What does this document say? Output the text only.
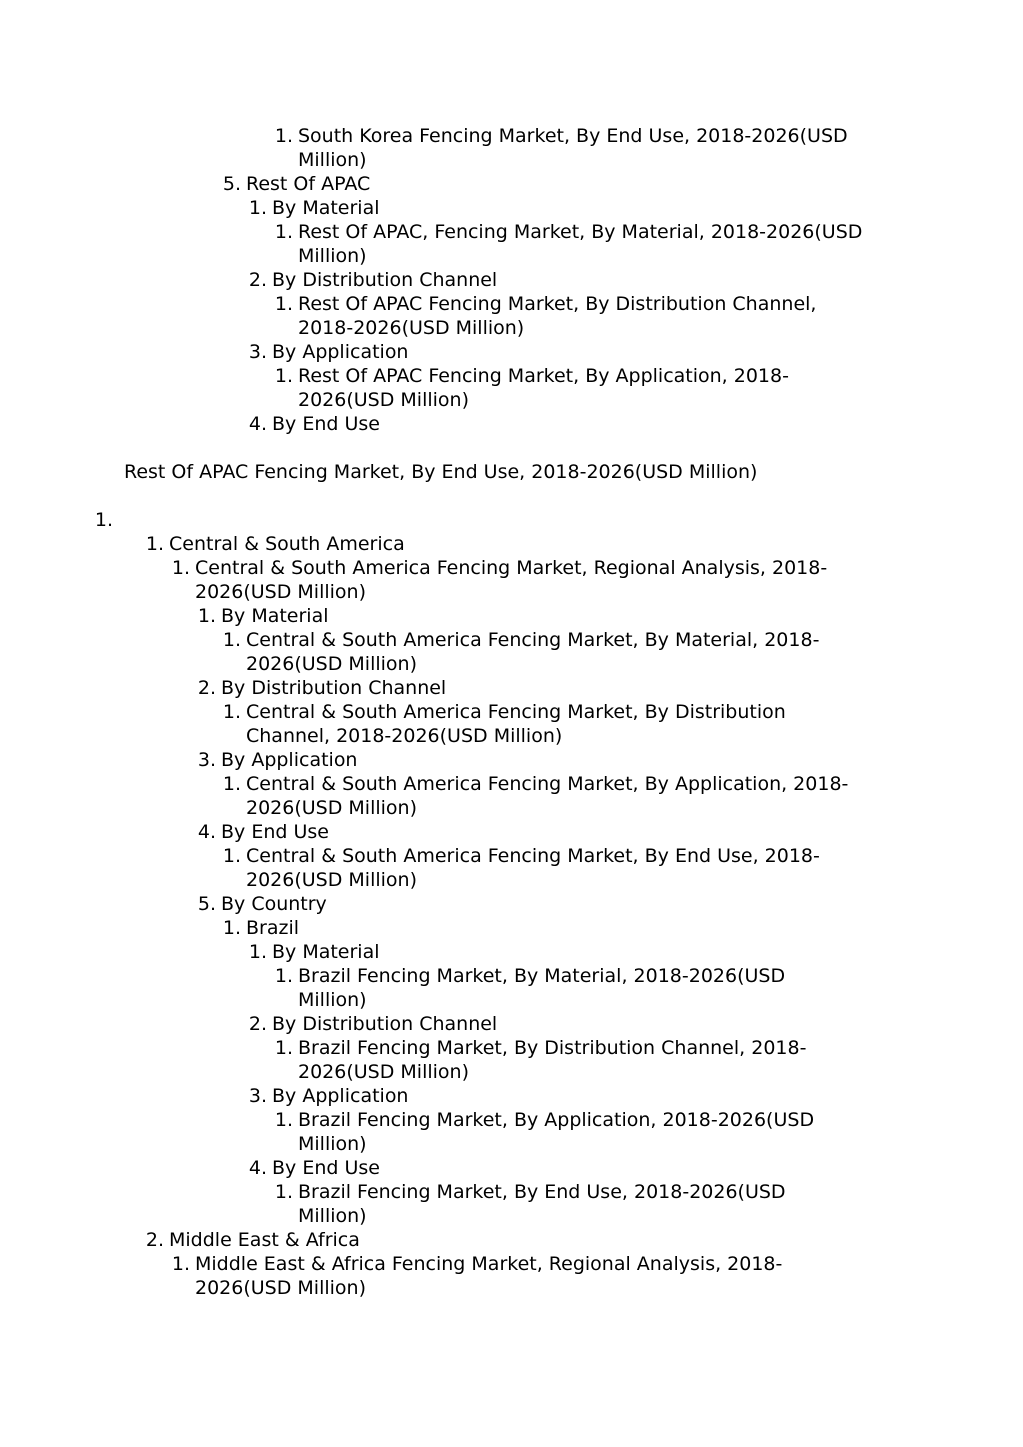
1. South Korea Fencing Market, By End Use, 2018-2026(USD
Million)
5. Rest Of APAC
1. By Material
1. Rest Of APAC, Fencing Market, By Material, 2018-2026(USD
Million)
2. By Distribution Channel
1. Rest Of APAC Fencing Market, By Distribution Channel,
2018-2026(USD Million)
3. By Application
1. Rest Of APAC Fencing Market, By Application, 2018-
2026(USD Million)
4. By End Use
Rest Of APAC Fencing Market, By End Use, 2018-2026(USD Million)
1.
1. Central & South America
1. Central & South America Fencing Market, Regional Analysis, 2018-
2026(USD Million)
1. By Material
1. Central & South America Fencing Market, By Material, 2018-
2026(USD Million)
2. By Distribution Channel
1. Central & South America Fencing Market, By Distribution
Channel, 2018-2026(USD Million)
3. By Application
1. Central & South America Fencing Market, By Application, 2018-
2026(USD Million)
4. By End Use
1. Central & South America Fencing Market, By End Use, 2018-
2026(USD Million)
5. By Country
1. Brazil
1. By Material
1. Brazil Fencing Market, By Material, 2018-2026(USD
Million)
2. By Distribution Channel
1. Brazil Fencing Market, By Distribution Channel, 2018-
2026(USD Million)
3. By Application
1. Brazil Fencing Market, By Application, 2018-2026(USD
Million)
4. By End Use
1. Brazil Fencing Market, By End Use, 2018-2026(USD
Million)
2. Middle East & Africa
1. Middle East & Africa Fencing Market, Regional Analysis, 2018-
2026(USD Million)
